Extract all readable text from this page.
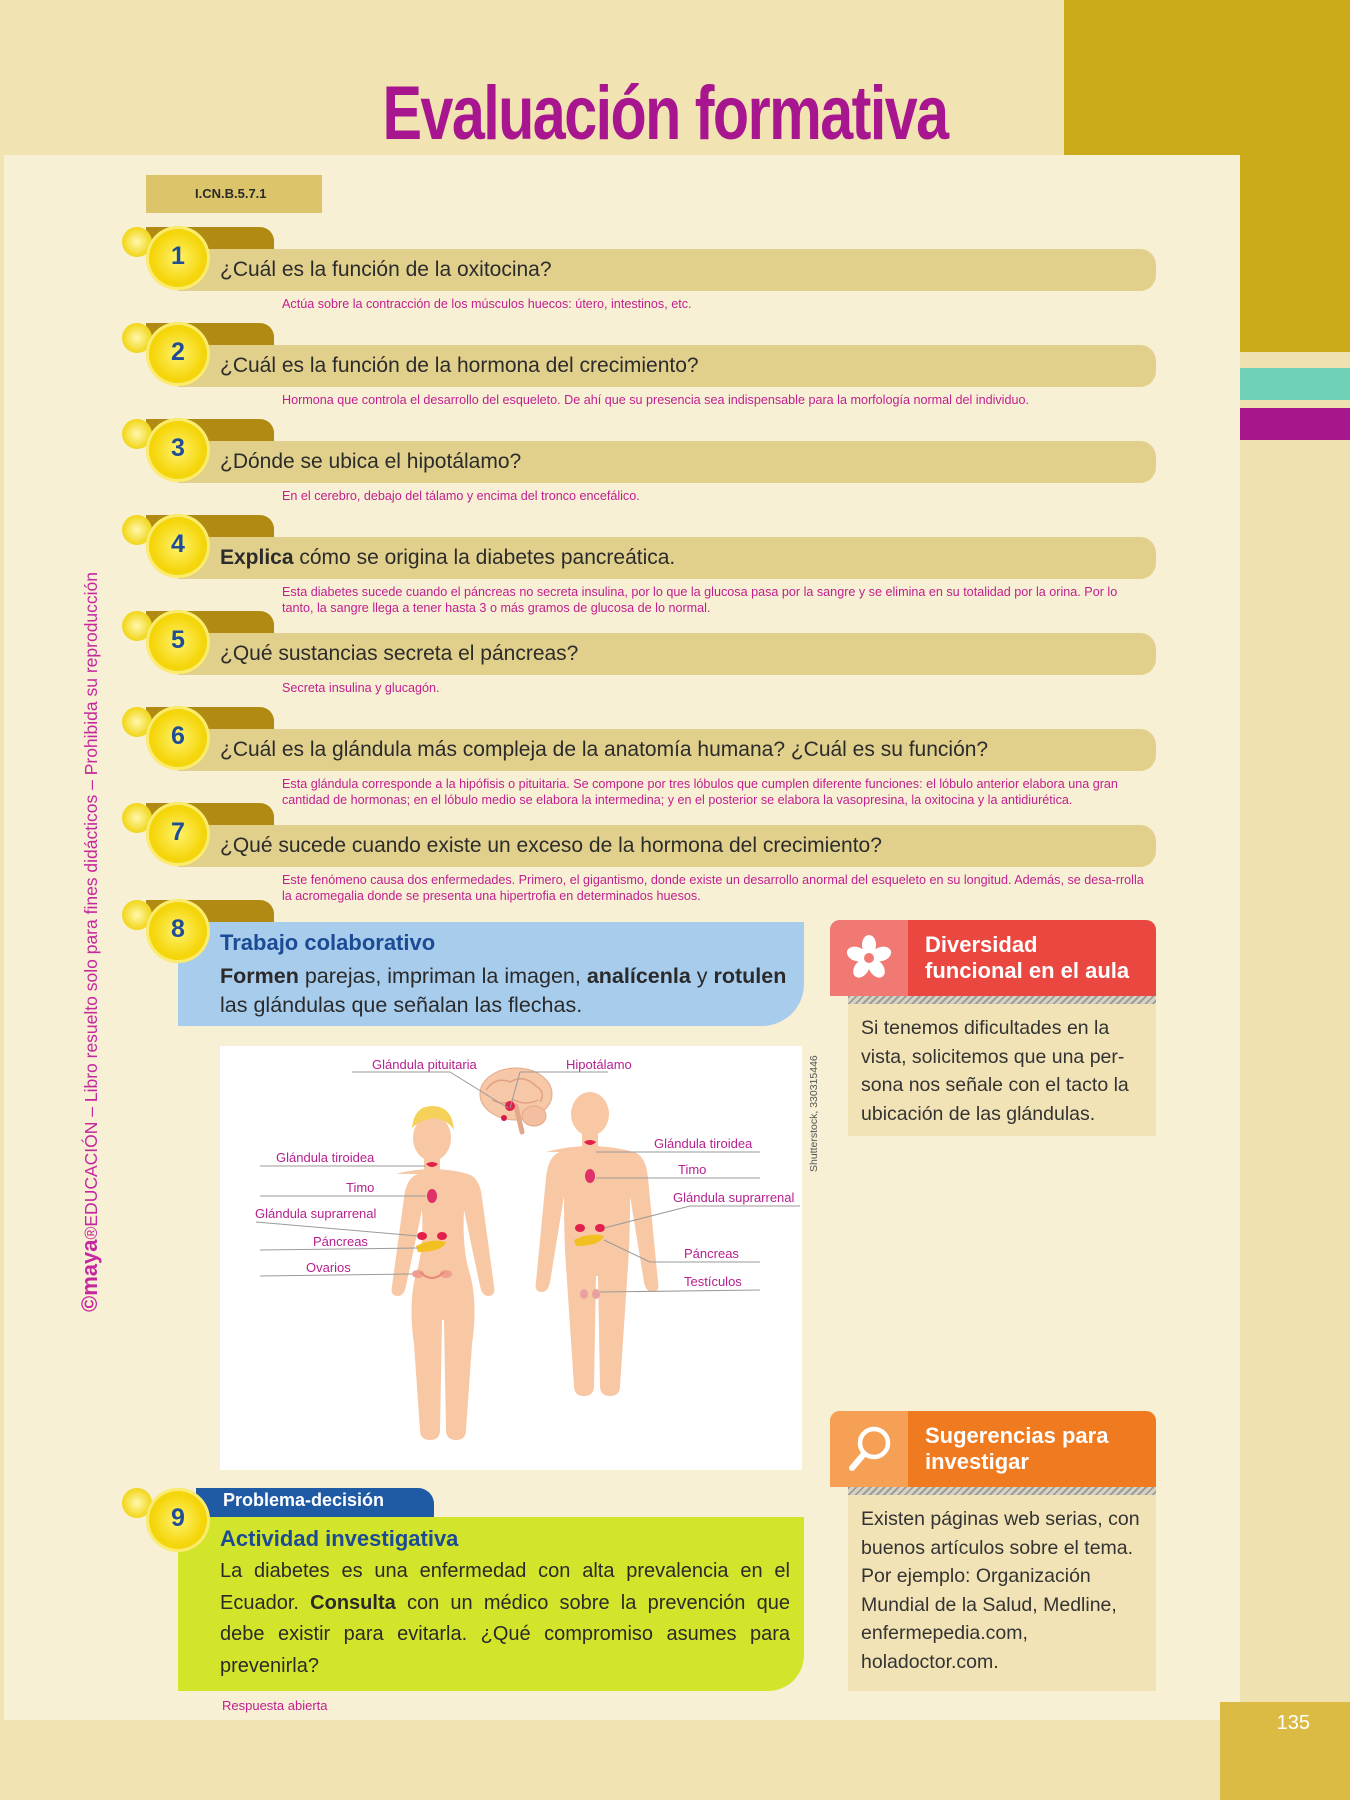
135
Evaluación formativa
I.CN.B.5.7.1
©maya®EDUCACIÓN – Libro resuelto solo para fines didácticos – Prohibida su reproducción
¿Cuál es la función de la oxitocina?
1
Actúa sobre la contracción de los músculos huecos: útero, intestinos, etc.
¿Cuál es la función de la hormona del crecimiento?
2
Hormona que controla el desarrollo del esqueleto. De ahí que su presencia sea indispensable para la morfología normal del individuo.
¿Dónde se ubica el hipotálamo?
3
En el cerebro, debajo del tálamo y encima del tronco encefálico.
Explica cómo se origina la diabetes pancreática.
4
Esta diabetes sucede cuando el páncreas no secreta insulina, por lo que la glucosa pasa por la sangre y se elimina en su totalidad por la orina. Por lo tanto, la sangre llega a tener hasta 3 o más gramos de glucosa de lo normal.
¿Qué sustancias secreta el páncreas?
5
Secreta insulina y glucagón.
¿Cuál es la glándula más compleja de la anatomía humana? ¿Cuál es su función?
6
Esta glándula corresponde a la hipófisis o pituitaria. Se compone por tres lóbulos que cumplen diferente funciones: el lóbulo anterior elabora una gran cantidad de hormonas; en el lóbulo medio se elabora la intermedina; y en el posterior se elabora la vasopresina, la oxitocina y la antidiurética.
¿Qué sucede cuando existe un exceso de la hormona del crecimiento?
7
Este fenómeno causa dos enfermedades. Primero, el gigantismo, donde existe un desarrollo anormal del esqueleto en su longitud. Además, se desa-rrolla la acromegalia donde se presenta una hipertrofia en determinados huesos.
8	Trabajo colaborativo
Formen parejas, impriman la imagen, analícenla y rotulen las glándulas que señalan las flechas.
Glándula pituitaria	Hipotálamo
Glándula tiroidea
Timo
Glándula suprarrenal
Páncreas
Ovarios
Glándula tiroidea
Timo
Glándula suprarrenal
Páncreas
Testículos
Shutterstock, 330315446
Diversidad
funcional en el aula
Si tenemos dificultades en la vista, solicitemos que una per-sona nos señale con el tacto la ubicación de las glándulas.
Sugerencias para
investigar
Existen páginas web serias, con buenos artículos sobre el tema. Por ejemplo: Organización Mundial de la Salud, Medline, enfermepedia.com, holadoctor.com.
Problema-decisión
9
Actividad investigativa
La diabetes es una enfermedad con alta prevalencia en el Ecuador. Consulta con un médico sobre la prevención que debe existir para evitarla. ¿Qué compromiso asumes para prevenirla?
Respuesta abierta
